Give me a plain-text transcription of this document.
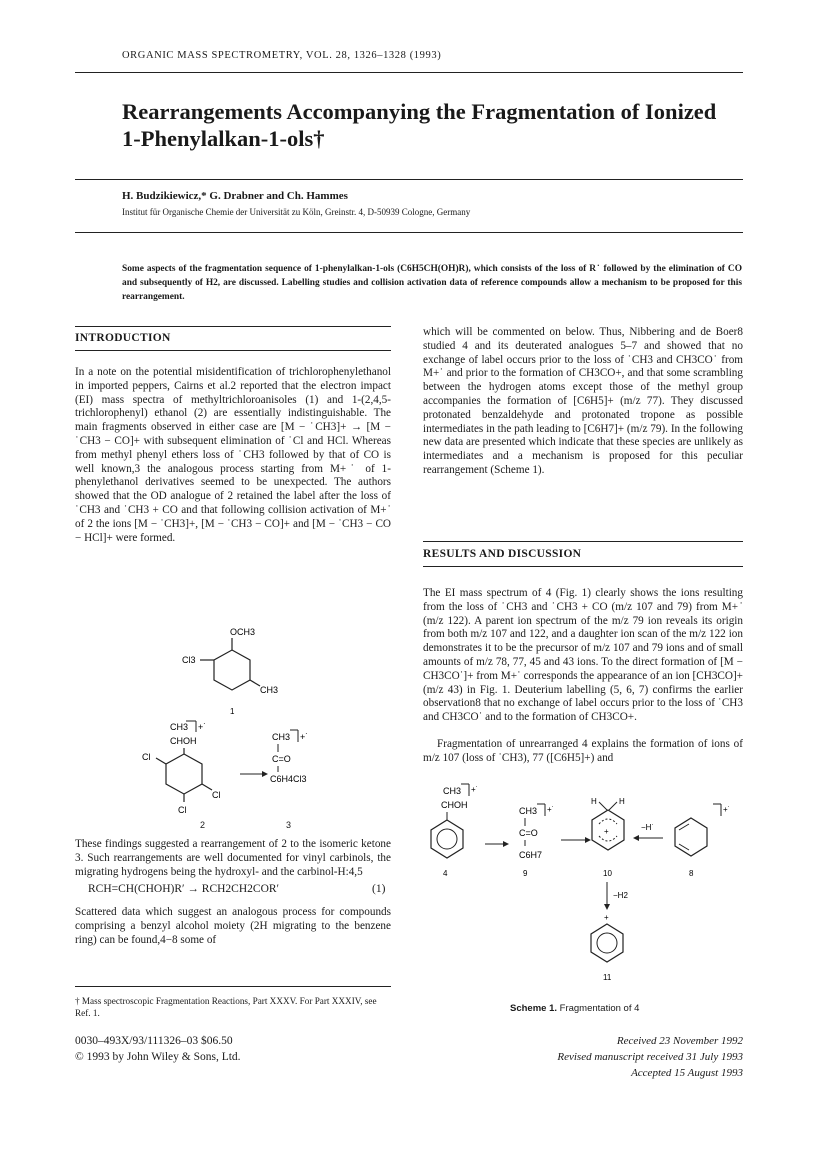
ORGANIC MASS SPECTROMETRY, VOL. 28, 1326–1328 (1993)
Rearrangements Accompanying the Fragmentation of Ionized 1-Phenylalkan-1-ols†
H. Budzikiewicz,* G. Drabner and Ch. Hammes
Institut für Organische Chemie der Universität zu Köln, Greinstr. 4, D-50939 Cologne, Germany
Some aspects of the fragmentation sequence of 1-phenylalkan-1-ols (C6H5CH(OH)R), which consists of the loss of R˙ followed by the elimination of CO and subsequently of H2, are discussed. Labelling studies and collision activation data of reference compounds allow a mechanism to be proposed for this rearrangement.
INTRODUCTION
In a note on the potential misidentification of trichlorophenylethanol in imported peppers, Cairns et al.2 reported that the electron impact (EI) mass spectra of methyltrichloroanisoles (1) and 1-(2,4,5-trichlorophenyl) ethanol (2) are essentially indistinguishable. The main fragments observed in either case are [M − ˙CH3]+ → [M − ˙CH3 − CO]+ with subsequent elimination of ˙Cl and HCl. Whereas from methyl phenyl ethers loss of ˙CH3 followed by that of CO is well known,3 the analogous process starting from M+˙ of 1-phenylethanol derivatives seemed to be unexpected. The authors showed that the OD analogue of 2 retained the label after the loss of ˙CH3 and ˙CH3 + CO and that following collision activation of M+˙ of 2 the ions [M − ˙CH3]+, [M − ˙CH3 − CO]+ and [M − ˙CH3 − CO − HCl]+ were formed.
OCH3
Cl3
CH3
1
CH3 +˙
CHOH
Cl
Cl
Cl
CH3 +˙
C=O
C6H4Cl3
2	3
These findings suggested a rearrangement of 2 to the isomeric ketone 3. Such rearrangements are well documented for vinyl carbinols, the migrating hydrogens being the hydroxyl- and the carbinol-H:4,5
RCH=CH(CHOH)R′ → RCH2CH2COR′	(1)
Scattered data which suggest an analogous process for compounds comprising a benzyl alcohol moiety (2H migrating to the benzene ring) can be found,4−8 some of
† Mass spectroscopic Fragmentation Reactions, Part XXXV. For Part XXXIV, see Ref. 1.
0030–493X/93/111326–03 $06.50
© 1993 by John Wiley & Sons, Ltd.
which will be commented on below. Thus, Nibbering and de Boer8 studied 4 and its deuterated analogues 5–7 and showed that no exchange of label occurs prior to the loss of ˙CH3 and CH3CO˙ from M+˙ and prior to the formation of CH3CO+, and that some scrambling between the hydrogen atoms except those of the methyl group accompanies the formation of [C6H5]+ (m/z 77). They discussed protonated benzaldehyde and protonated tropone as possible intermediates in the path leading to [C6H7]+ (m/z 79). In the following new data are presented which indicate that these species are unlikely as intermediates and a mechanism is proposed for this peculiar rearrangement (Scheme 1).
RESULTS AND DISCUSSION
The EI mass spectrum of 4 (Fig. 1) clearly shows the ions resulting from the loss of ˙CH3 and ˙CH3 + CO (m/z 107 and 79) from M+˙ (m/z 122). A parent ion spectrum of the m/z 79 ion reveals its origin from both m/z 107 and 122, and a daughter ion scan of the m/z 122 ion demonstrates it to be the precursor of m/z 107 and 79 ions and of small amounts of m/z 78, 77, 45 and 43 ions. To the direct formation of [M − CH3CO˙]+ from M+˙ corresponds the appearance of an ion [CH3CO]+ (m/z 43) in Fig. 1. Deuterium labelling (5, 6, 7) confirms the earlier observation8 that no exchange of label occurs prior to the loss of ˙CH3 and CH3CO˙ and to the formation of CH3CO+.
Fragmentation of unrearranged 4 explains the formation of ions of m/z 107 (loss of ˙CH3), 77 ([C6H5]+) and
CH3 +˙
CHOH
4
CH3 +˙
C=O
C6H7
9
H	H
+
10
−H˙
+˙
8
−H2
+
11
Scheme 1. Fragmentation of 4
Received 23 November 1992
Revised manuscript received 31 July 1993
Accepted 15 August 1993
